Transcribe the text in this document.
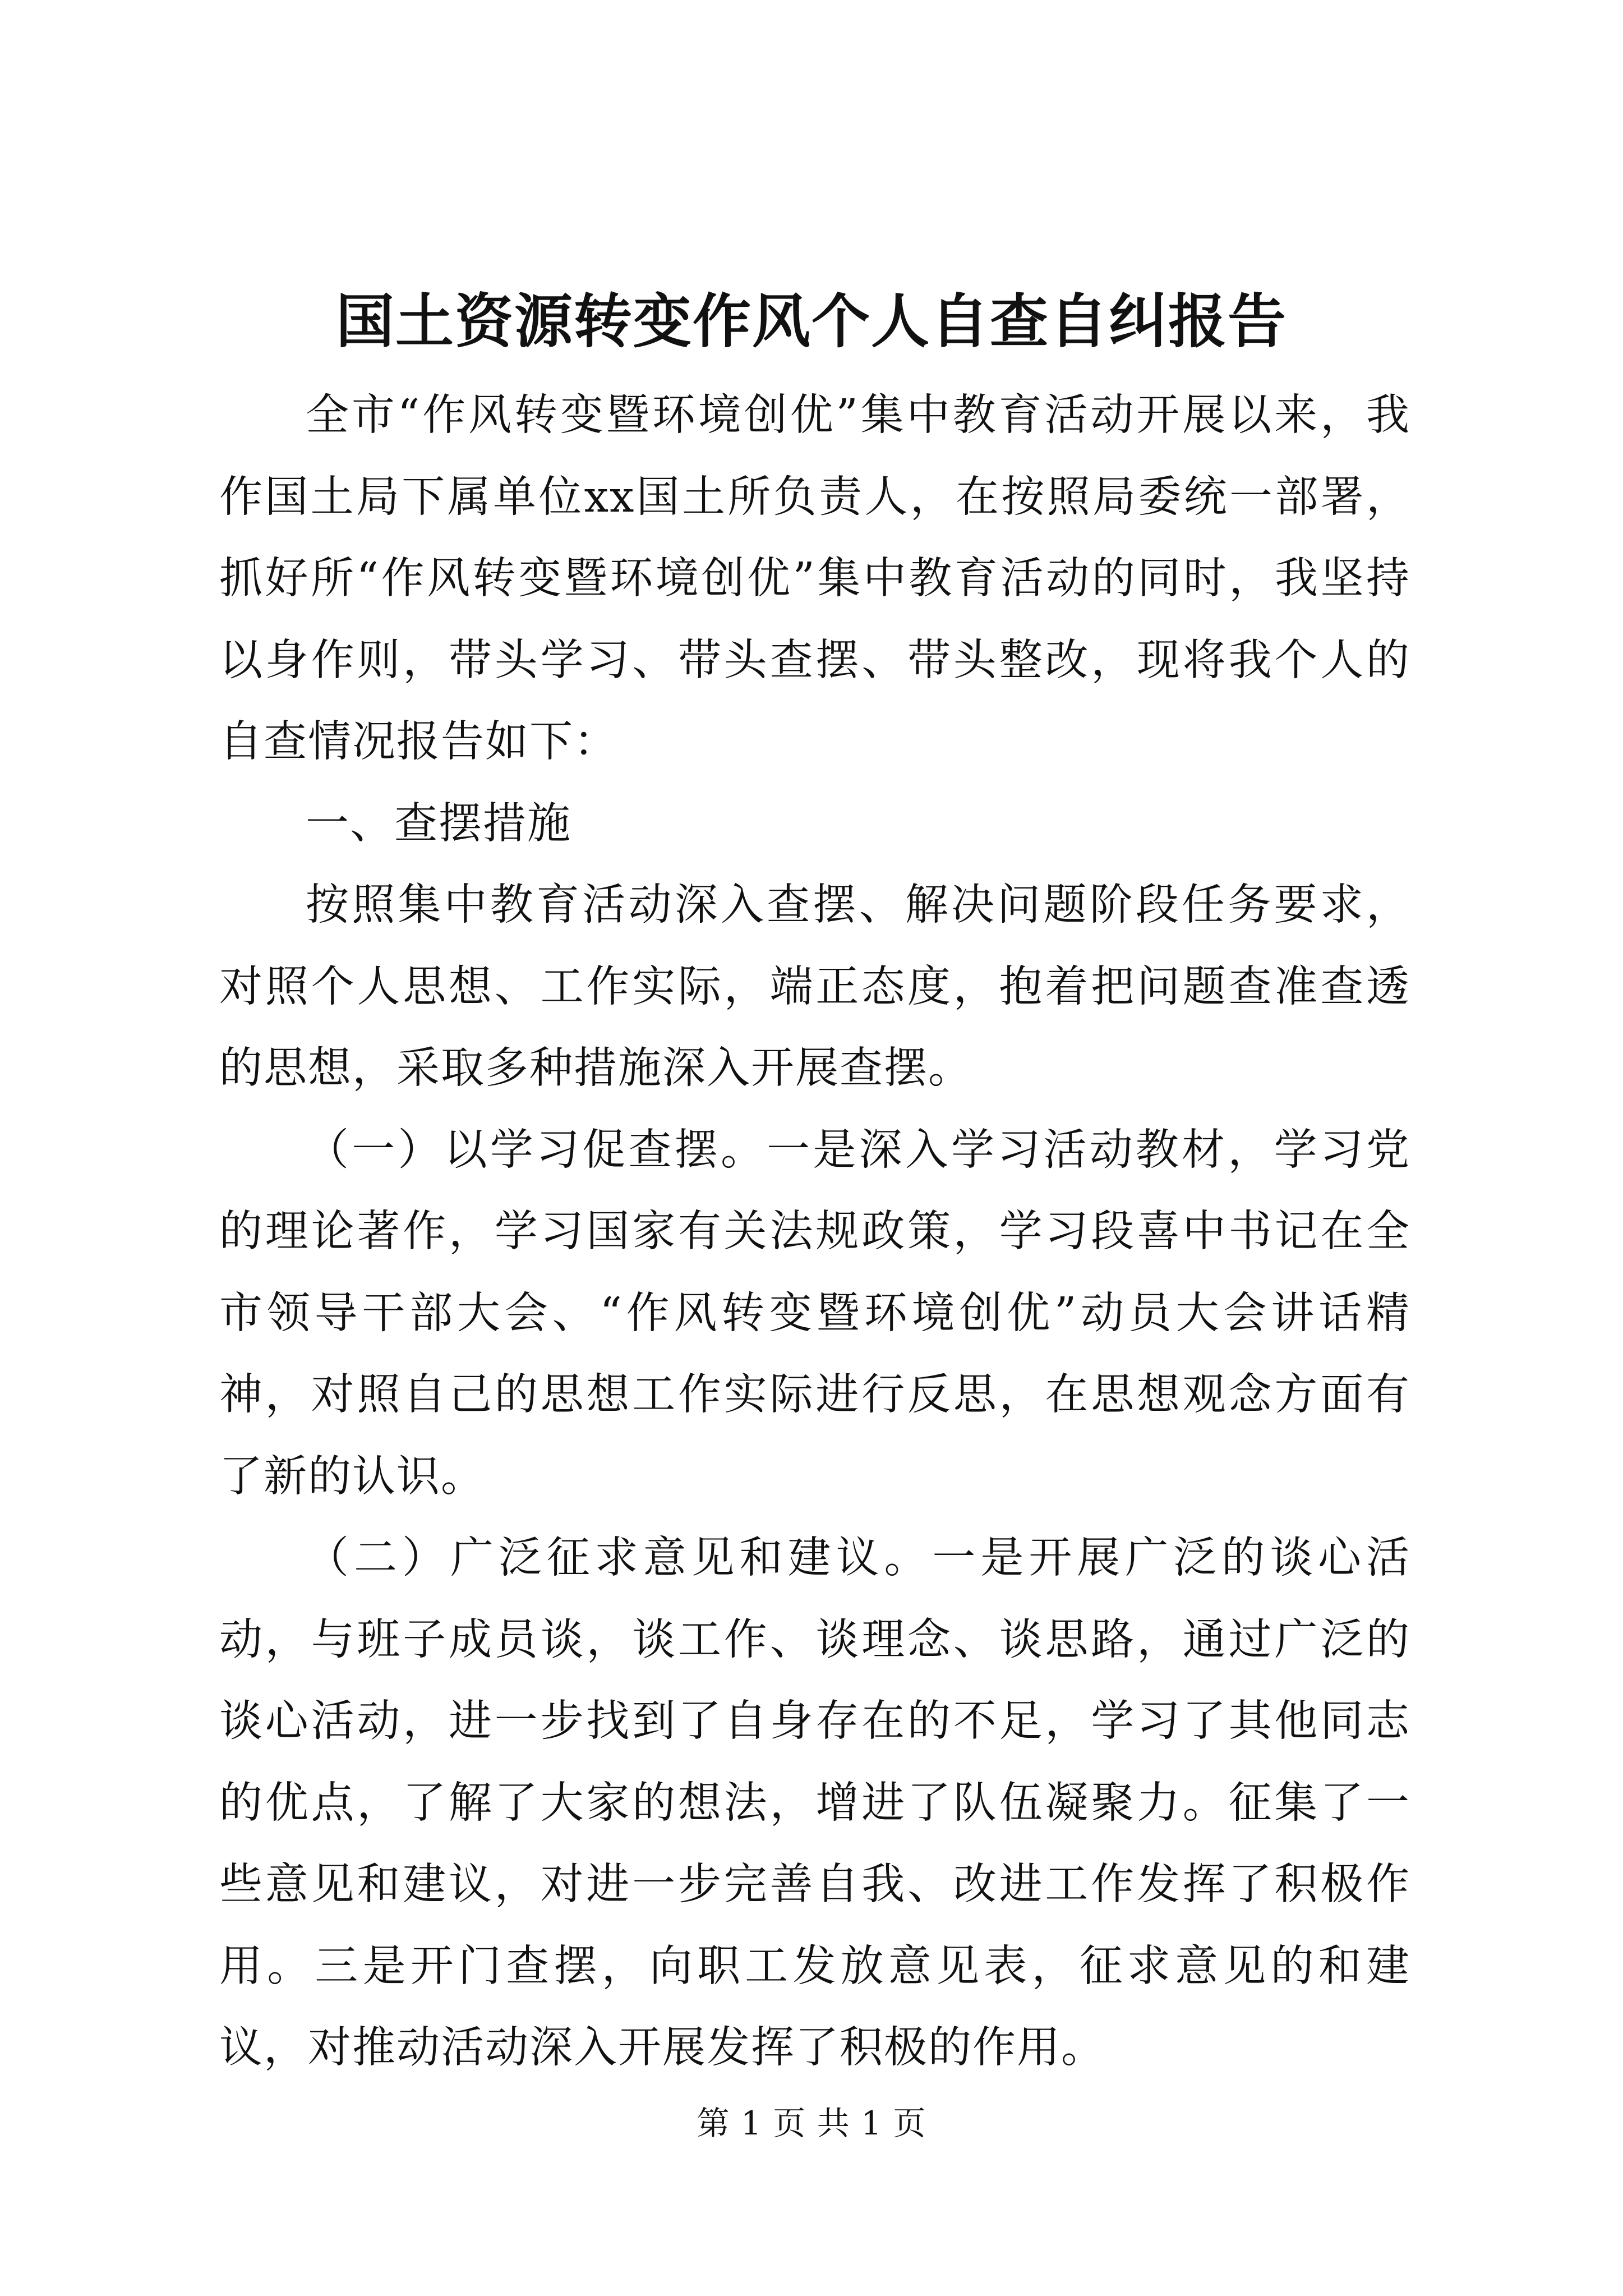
国土资源转变作风个人自查自纠报告

全市“作风转变暨环境创优”集中教育活动开展以来，我作国土局下属单位xx国土所负责人，在按照局委统一部署，抓好所“作风转变暨环境创优”集中教育活动的同时，我坚持以身作则，带头学习、带头查摆、带头整改，现将我个人的自查情况报告如下：

一、查摆措施

按照集中教育活动深入查摆、解决问题阶段任务要求，对照个人思想、工作实际，端正态度，抱着把问题查准查透的思想，采取多种措施深入开展查摆。

（一）以学习促查摆。一是深入学习活动教材，学习党的理论著作，学习国家有关法规政策，学习段喜中书记在全市领导干部大会、“作风转变暨环境创优”动员大会讲话精神，对照自己的思想工作实际进行反思，在思想观念方面有了新的认识。

（二）广泛征求意见和建议。一是开展广泛的谈心活动，与班子成员谈，谈工作、谈理念、谈思路，通过广泛的谈心活动，进一步找到了自身存在的不足，学习了其他同志的优点，了解了大家的想法，增进了队伍凝聚力。征集了一些意见和建议，对进一步完善自我、改进工作发挥了积极作用。三是开门查摆，向职工发放意见表，征求意见的和建议，对推动活动深入开展发挥了积极的作用。

第 1 页 共 1 页
